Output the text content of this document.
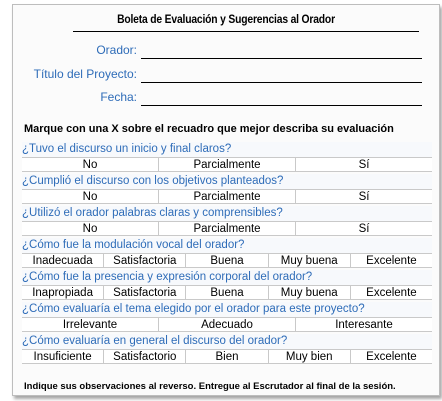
Boleta de Evaluación y Sugerencias al Orador
Orador:
Título del Proyecto:
Fecha:
Marque con una X sobre el recuadro que mejor describa su evaluación
¿Tuvo el discurso un inicio y final claros?
No	Parcialmente	Sí
¿Cumplió el discurso con los objetivos planteados?
No	Parcialmente	Sí
¿Utilizó el orador palabras claras y comprensibles?
No	Parcialmente	Sí
¿Cómo fue la modulación vocal del orador?
Inadecuada	Satisfactoria	Buena	Muy buena	Excelente
¿Cómo fue la presencia y expresión corporal del orador?
Inapropiada	Satisfactoria	Buena	Muy buena	Excelente
¿Cómo evaluaría el tema elegido por el orador para este proyecto?
Irrelevante	Adecuado	Interesante
¿Cómo evaluaría en general el discurso del orador?
Insuficiente	Satisfactorio	Bien	Muy bien	Excelente
Indique sus observaciones al reverso. Entregue al Escrutador al final de la sesión.
